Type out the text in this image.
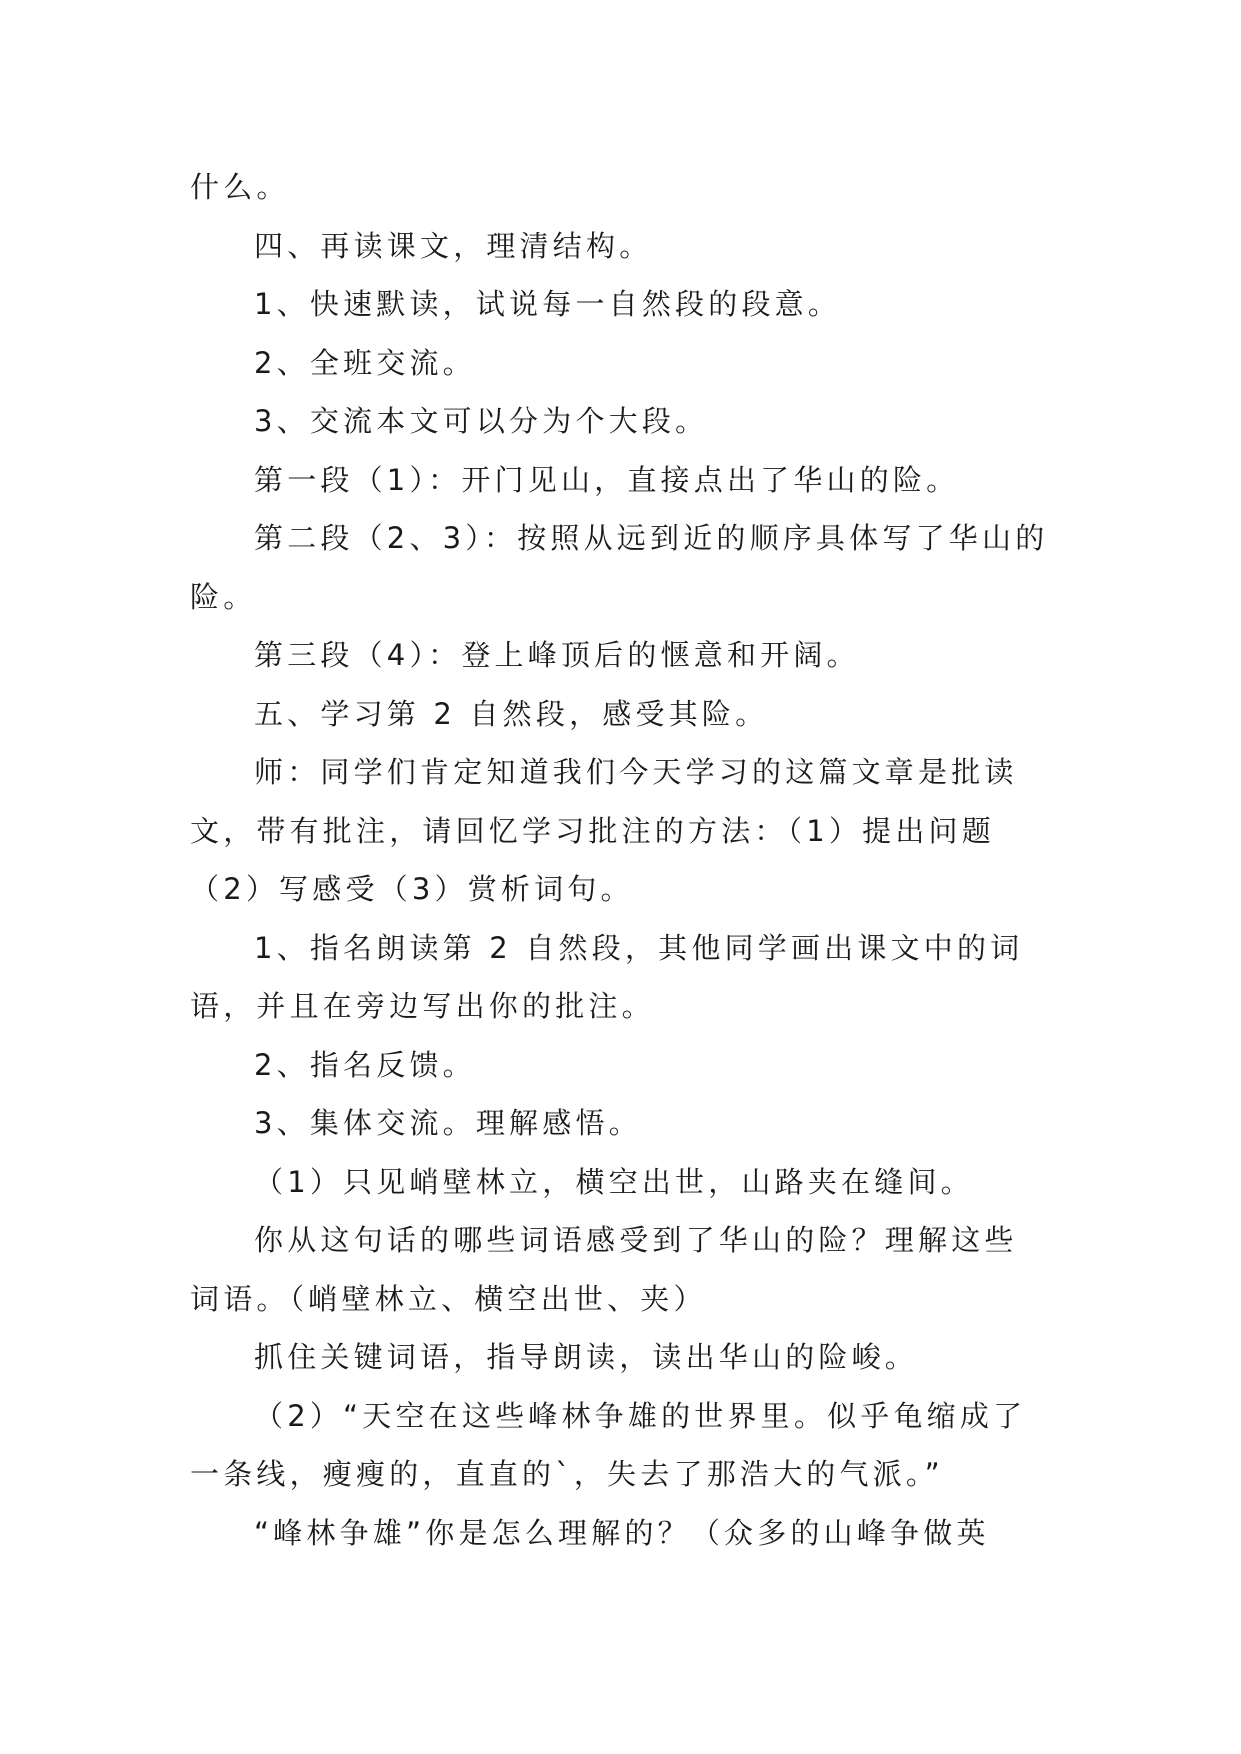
什么。

四、再读课文，理清结构。

1、快速默读，试说每一自然段的段意。

2、全班交流。

3、交流本文可以分为个大段。

第一段（1）：开门见山，直接点出了华山的险。

第二段（2、3）：按照从远到近的顺序具体写了华山的险。

第三段（4）：登上峰顶后的惬意和开阔。

五、学习第 2 自然段，感受其险。

师：同学们肯定知道我们今天学习的这篇文章是批读文，带有批注，请回忆学习批注的方法：（1）提出问题（2）写感受（3）赏析词句。

1、指名朗读第 2 自然段，其他同学画出课文中的词语，并且在旁边写出你的批注。

2、指名反馈。

3、集体交流。理解感悟。

（1）只见峭壁林立，横空出世，山路夹在缝间。

你从这句话的哪些词语感受到了华山的险？理解这些词语。（峭壁林立、横空出世、夹）

抓住关键词语，指导朗读，读出华山的险峻。

（2）“天空在这些峰林争雄的世界里。似乎龟缩成了一条线，瘦瘦的，直直的`，失去了那浩大的气派。”

“峰林争雄”你是怎么理解的？（众多的山峰争做英
